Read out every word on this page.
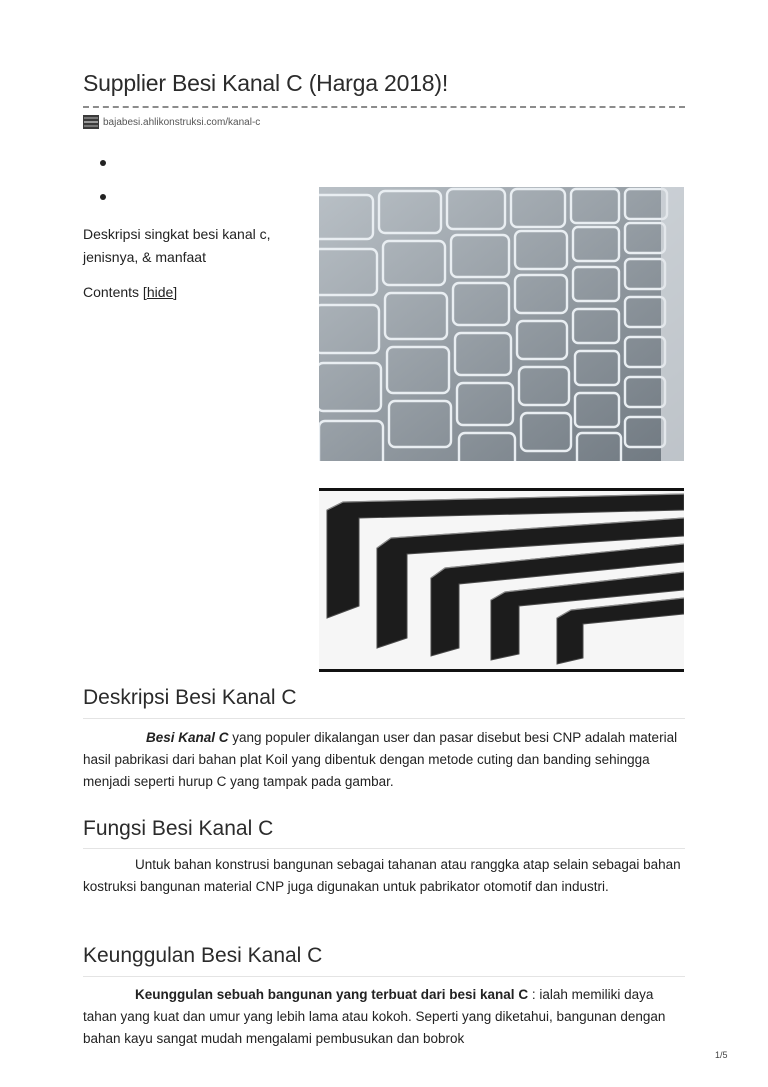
Supplier Besi Kanal C (Harga 2018)!
bajabesi.ahlikonstruksi.com/kanal-c

Deskripsi singkat besi kanal c, jenisnya, & manfaat

Contents [hide]

Deskripsi Besi Kanal C

Besi Kanal C yang populer dikalangan user dan pasar disebut besi CNP adalah material hasil pabrikasi dari bahan plat Koil yang dibentuk dengan metode cuting dan banding sehingga menjadi seperti hurup C yang tampak pada gambar.

Fungsi Besi Kanal C

Untuk bahan konstrusi bangunan sebagai tahanan atau ranggka atap selain sebagai bahan kostruksi bangunan material CNP juga digunakan untuk pabrikator otomotif dan industri.

Keunggulan Besi Kanal C

Keunggulan sebuah bangunan yang terbuat dari besi kanal C : ialah memiliki daya tahan yang kuat dan umur yang lebih lama atau kokoh. Seperti yang diketahui, bangunan dengan bahan kayu sangat mudah mengalami pembusukan dan bobrok

1/5
